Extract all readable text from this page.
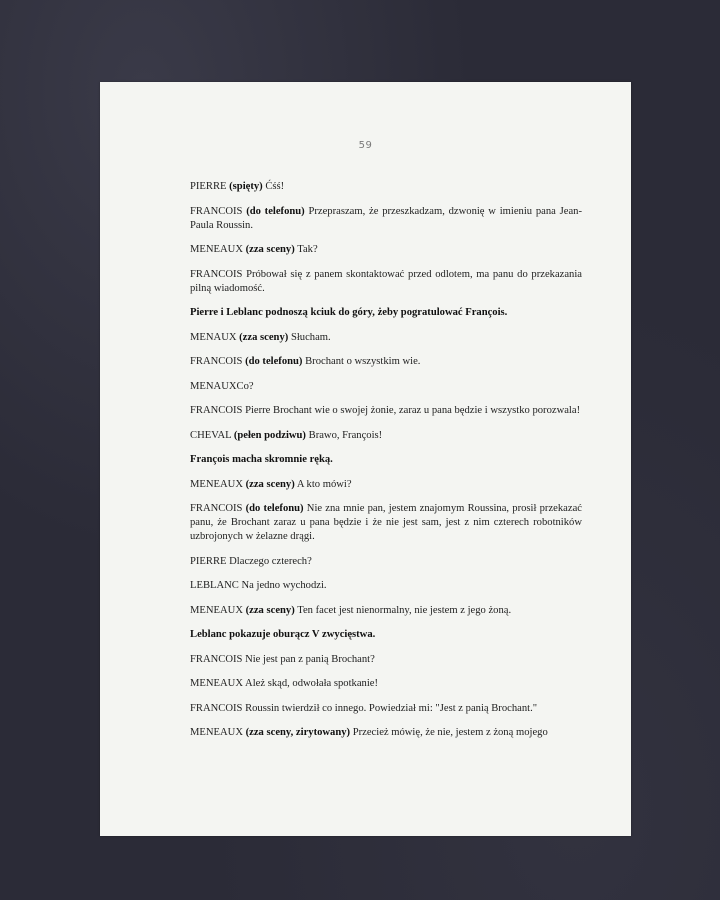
59

PIERRE (spięty) Ćśś!

FRANCOIS (do telefonu) Przepraszam, że przeszkadzam, dzwonię w imieniu pana Jean-Paula Roussin.

MENEAUX (zza sceny) Tak?

FRANCOIS Próbował się z panem skontaktować przed odlotem, ma panu do przekazania pilną wiadomość.

Pierre i Leblanc podnoszą kciuk do góry, żeby pogratulować François.

MENAUX (zza sceny) Słucham.

FRANCOIS (do telefonu) Brochant o wszystkim wie.

MENAUXCo?

FRANCOIS Pierre Brochant wie o swojej żonie, zaraz u pana będzie i wszystko porozwala!

CHEVAL (pełen podziwu) Brawo, François!

François macha skromnie ręką.

MENEAUX (zza sceny) A kto mówi?

FRANCOIS (do telefonu) Nie zna mnie pan, jestem znajomym Roussina, prosił przekazać panu, że Brochant zaraz u pana będzie i że nie jest sam, jest z nim czterech robotników uzbrojonych w żelazne drągi.

PIERRE Dlaczego czterech?

LEBLANC Na jedno wychodzi.

MENEAUX (zza sceny) Ten facet jest nienormalny, nie jestem z jego żoną.

Leblanc pokazuje oburącz V zwycięstwa.

FRANCOIS Nie jest pan z panią Brochant?

MENEAUX Ależ skąd, odwołała spotkanie!

FRANCOIS Roussin twierdził co innego. Powiedział mi: "Jest z panią Brochant."

MENEAUX (zza sceny, zirytowany) Przecież mówię, że nie, jestem z żoną mojego
